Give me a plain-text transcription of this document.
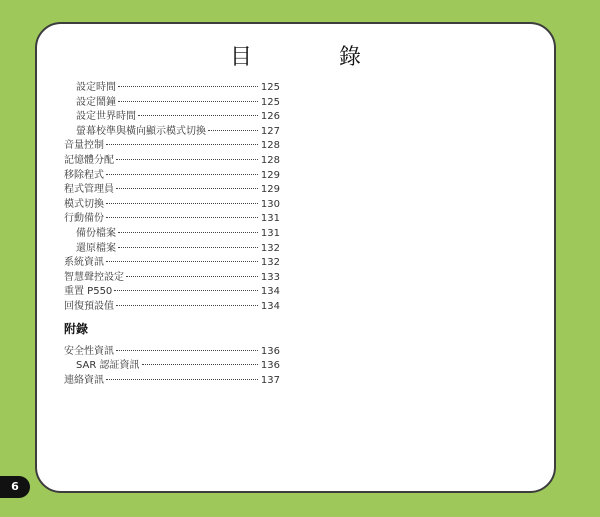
目 錄
設定時間	125
設定鬧鐘	125
設定世界時間	126
螢幕校準與橫向顯示模式切換	127
音量控制	128
記憶體分配	128
移除程式	129
程式管理員	129
模式切換	130
行動備份	131
備份檔案	131
還原檔案	132
系統資訊	132
智慧聲控設定	133
重置 P550	134
回復預設值	134
附錄
安全性資訊	136
SAR 認証資訊	136
連絡資訊	137
6
